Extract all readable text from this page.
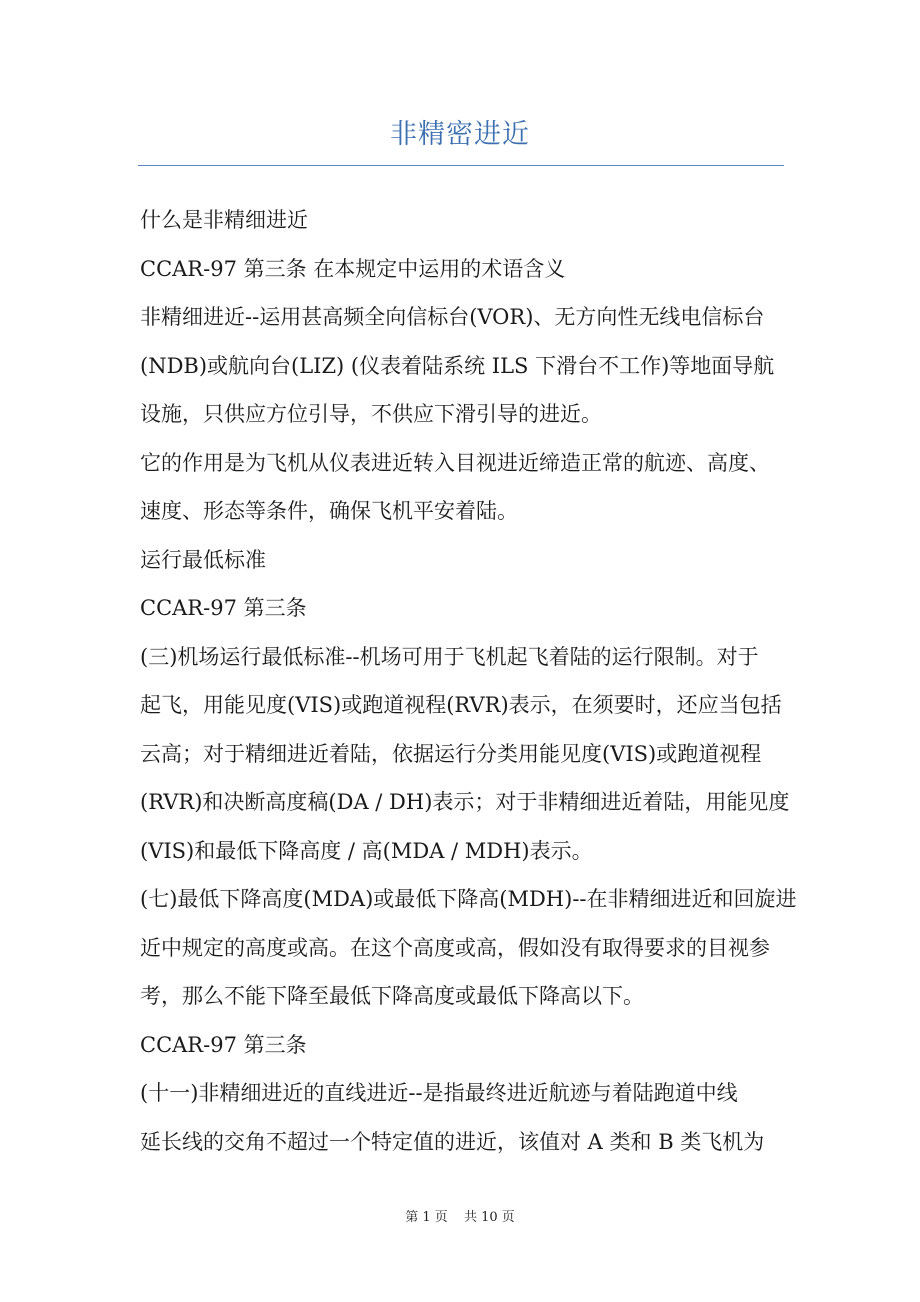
非精密进近

什么是非精细进近

CCAR-97 第三条 在本规定中运用的术语含义

非精细进近--运用甚高频全向信标台(VOR)、无方向性无线电信标台

(NDB)或航向台(LIZ) (仪表着陆系统 ILS 下滑台不工作)等地面导航

设施，只供应方位引导，不供应下滑引导的进近。

它的作用是为飞机从仪表进近转入目视进近缔造正常的航迹、高度、

速度、形态等条件，确保飞机平安着陆。

运行最低标准

CCAR-97 第三条

(三)机场运行最低标准--机场可用于飞机起飞着陆的运行限制。对于

起飞，用能见度(VIS)或跑道视程(RVR)表示，在须要时，还应当包括

云高；对于精细进近着陆，依据运行分类用能见度(VIS)或跑道视程

(RVR)和决断高度稿(DA / DH)表示；对于非精细进近着陆，用能见度

(VIS)和最低下降高度 / 高(MDA / MDH)表示。

(七)最低下降高度(MDA)或最低下降高(MDH)--在非精细进近和回旋进

近中规定的高度或高。在这个高度或高，假如没有取得要求的目视参

考，那么不能下降至最低下降高度或最低下降高以下。

CCAR-97 第三条

(十一)非精细进近的直线进近--是指最终进近航迹与着陆跑道中线

延长线的交角不超过一个特定值的进近，该值对 A 类和 B 类飞机为

第 1 页 共 10 页
